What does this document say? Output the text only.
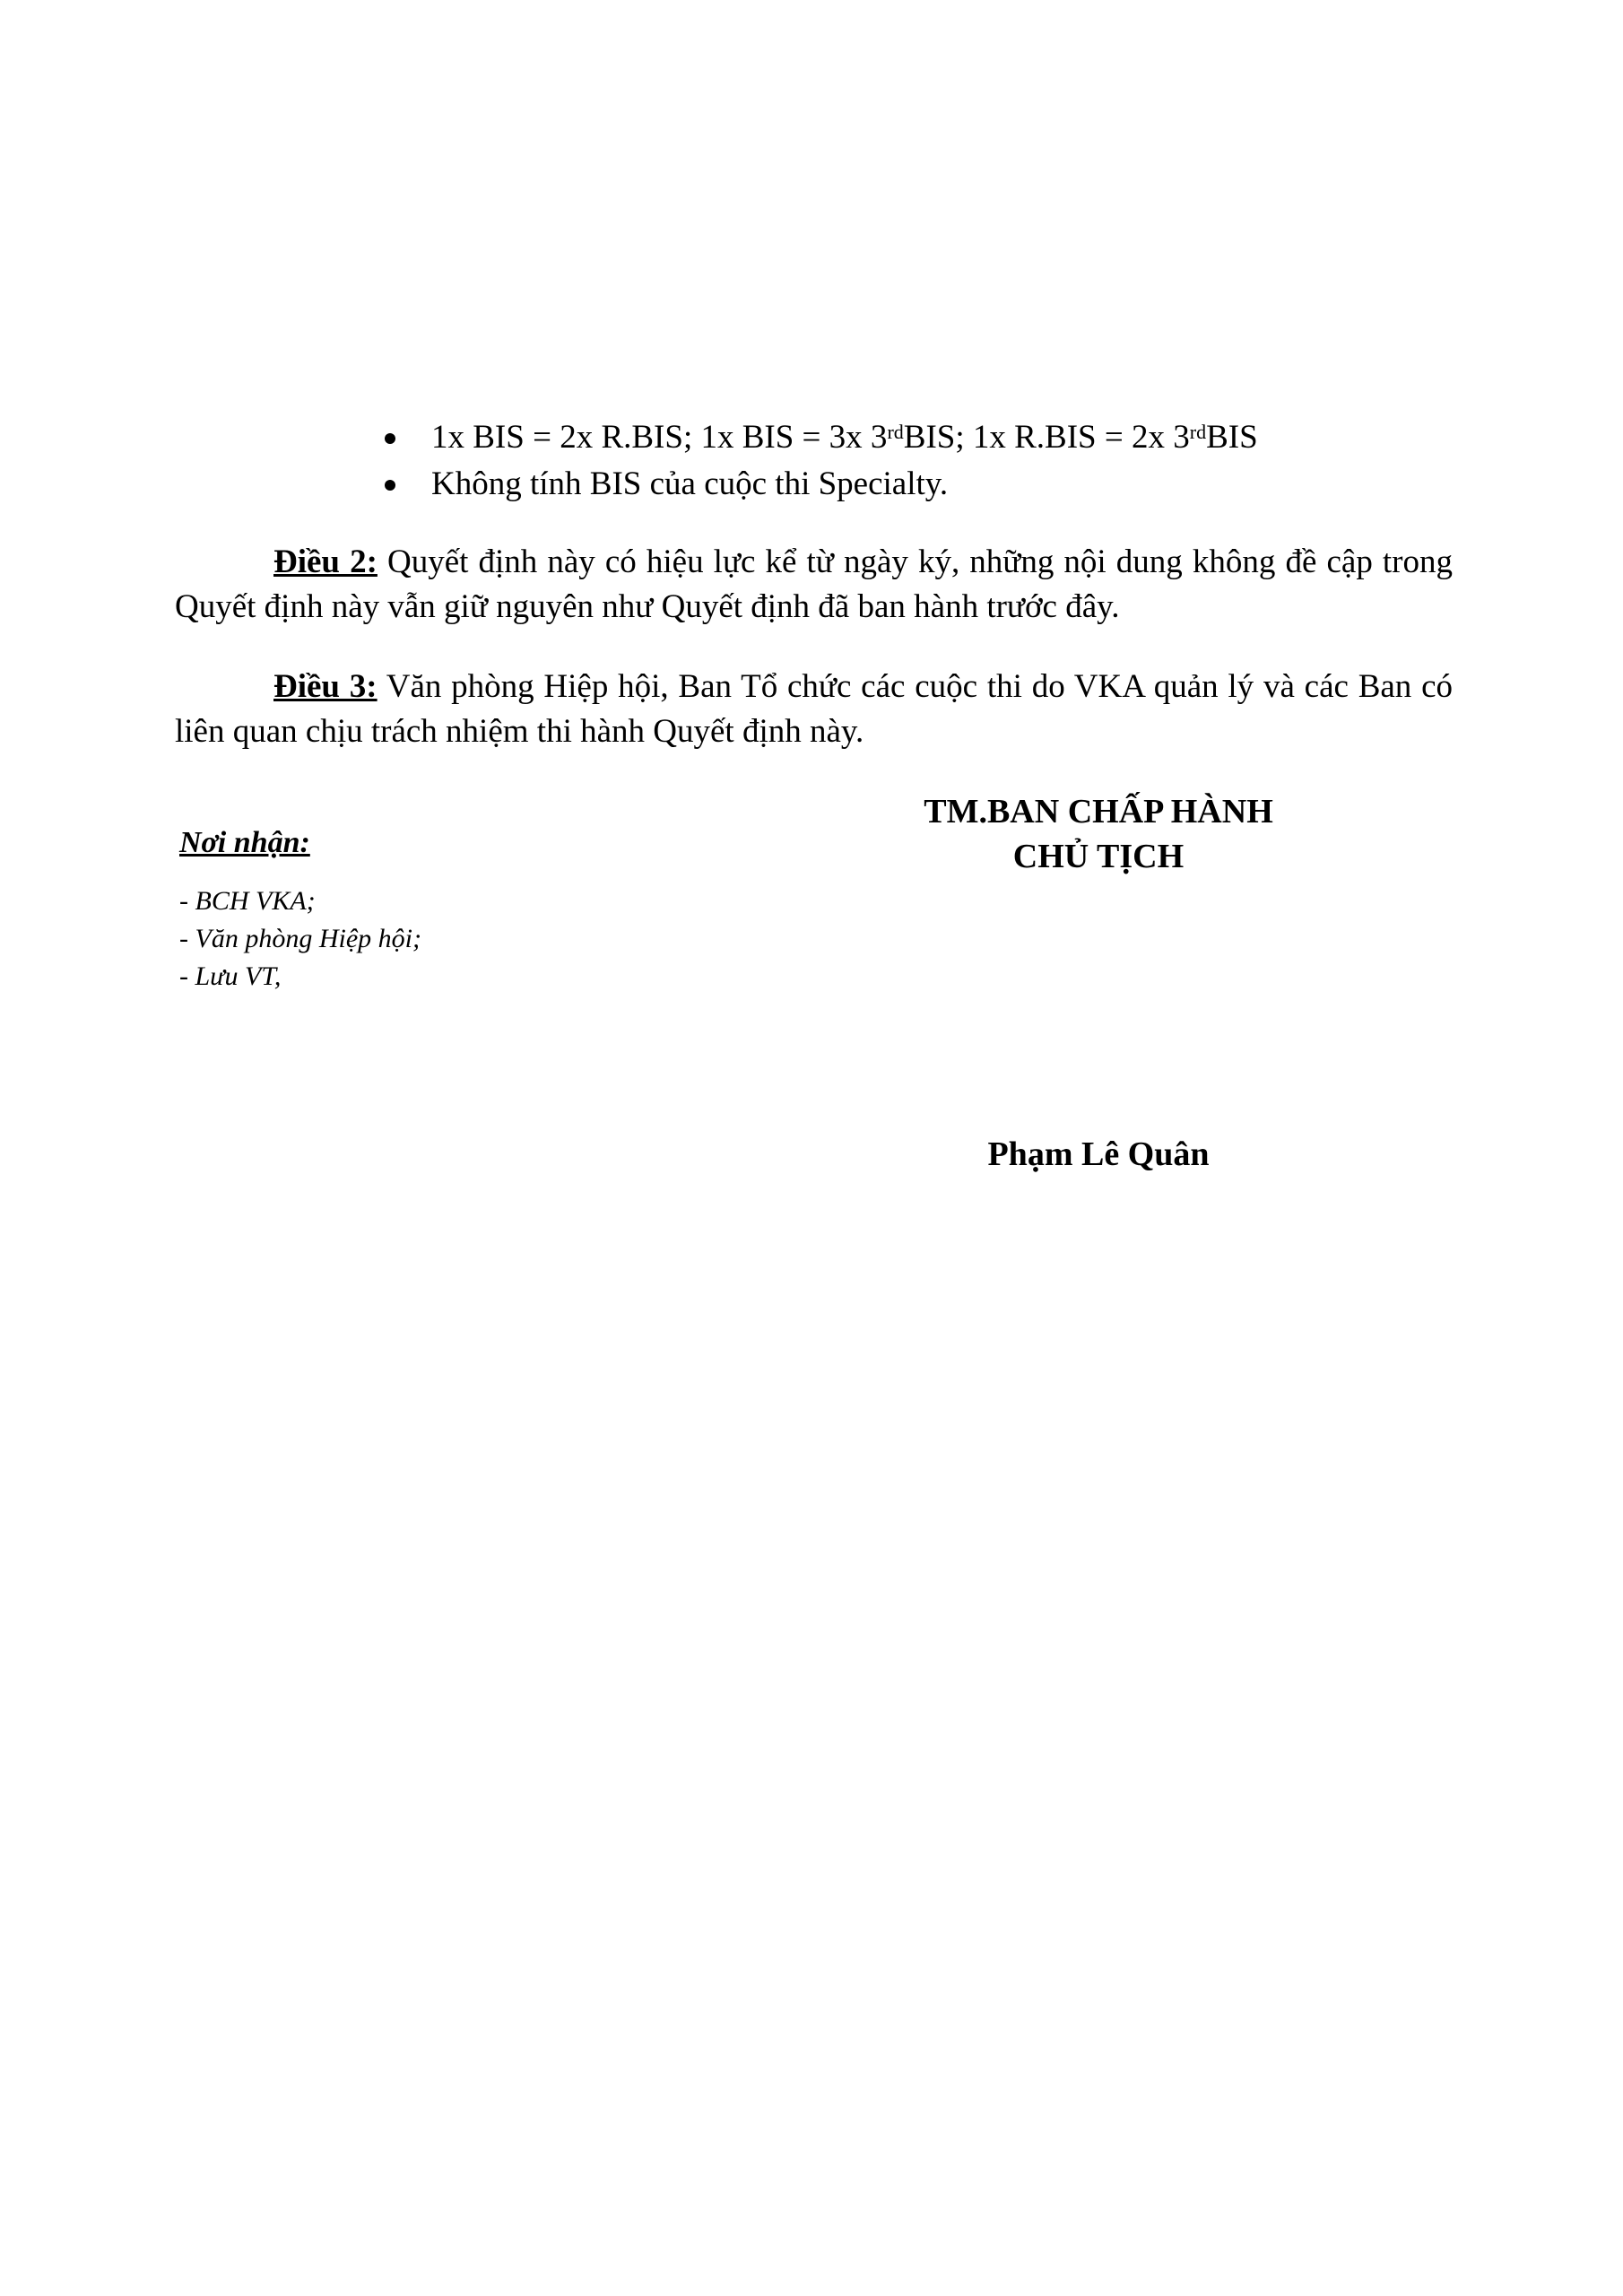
1x BIS = 2x R.BIS; 1x BIS = 3x 3rdBIS; 1x R.BIS = 2x 3rdBIS
Không tính BIS của cuộc thi Specialty.

Điều 2: Quyết định này có hiệu lực kể từ ngày ký, những nội dung không đề cập trong Quyết định này vẫn giữ nguyên như Quyết định đã ban hành trước đây.

Điều 3: Văn phòng Hiệp hội, Ban Tổ chức các cuộc thi do VKA quản lý và các Ban có liên quan chịu trách nhiệm thi hành Quyết định này.

Nơi nhận:
- BCH VKA;
- Văn phòng Hiệp hội;
- Lưu VT,
TM.BAN CHẤP HÀNH
CHỦ TỊCH
Phạm Lê Quân
